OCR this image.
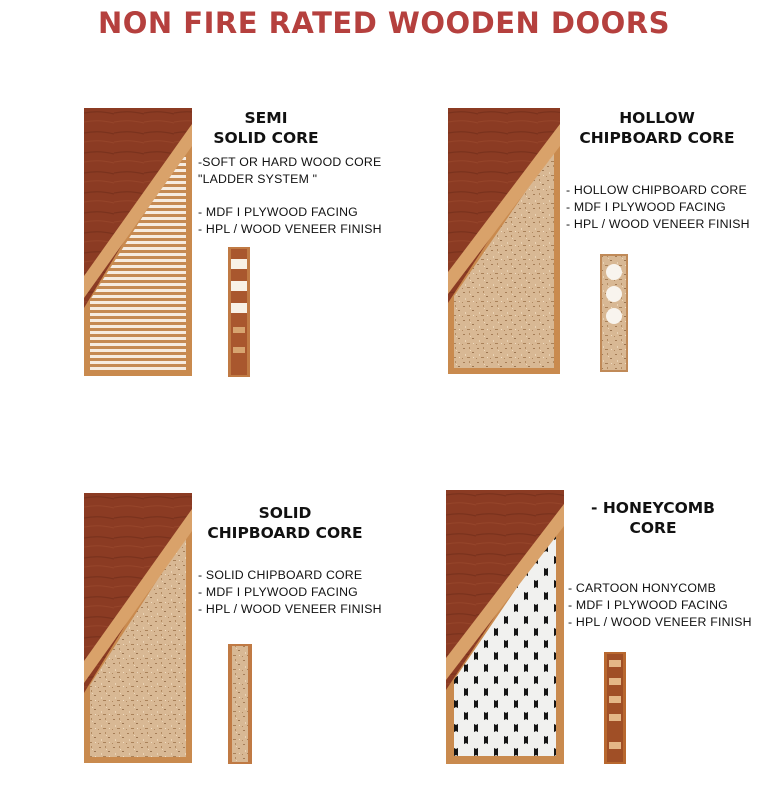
NON FIRE RATED WOODEN DOORS
SEMI
SOLID CORE
-SOFT OR HARD WOOD CORE
"LADDER SYSTEM "
- MDF I PLYWOOD FACING
- HPL / WOOD VENEER FINISH
HOLLOW
CHIPBOARD CORE
- HOLLOW CHIPBOARD CORE
- MDF I PLYWOOD FACING
- HPL / WOOD VENEER FINISH
SOLID
CHIPBOARD CORE
- SOLID CHIPBOARD CORE
- MDF I PLYWOOD FACING
- HPL / WOOD VENEER FINISH
- HONEYCOMB
CORE
- CARTOON HONYCOMB
- MDF I PLYWOOD FACING
- HPL / WOOD VENEER FINISH
